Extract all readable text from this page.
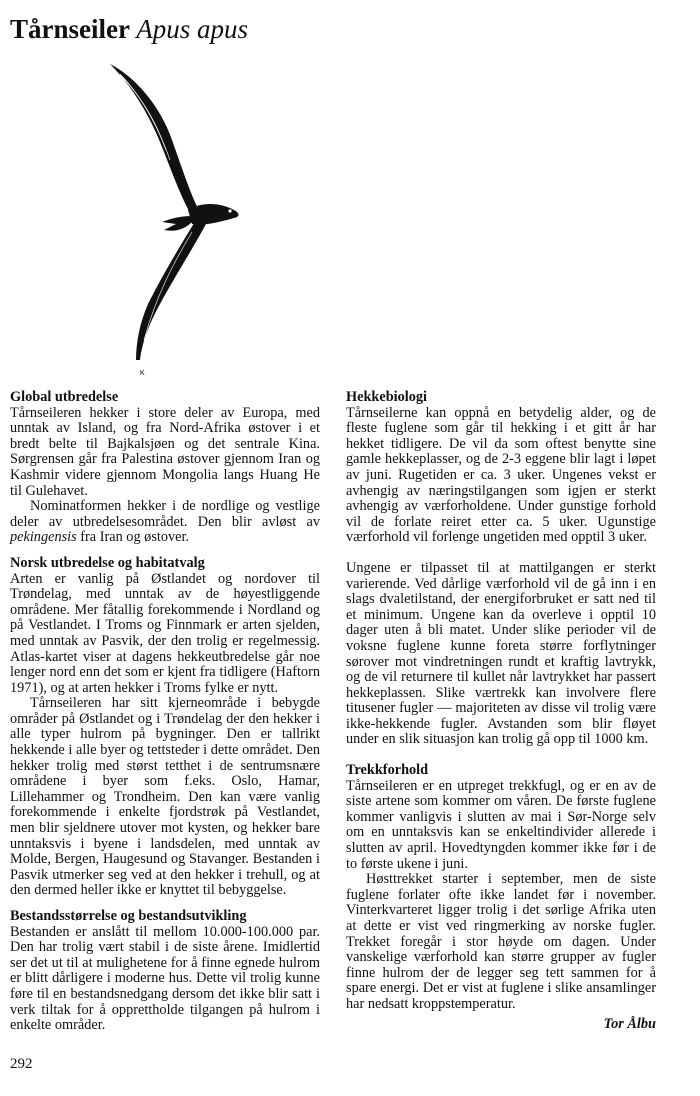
Tårnseiler Apus apus
K
Global utbredelse

Tårnseileren hekker i store deler av Europa, med unntak av Island, og fra Nord-Afrika østover i et bredt belte til Bajkalsjøen og det sentrale Kina. Sørgrensen går fra Palestina østover gjennom Iran og Kashmir videre gjennom Mongolia langs Huang He til Gulehavet.

Nominatformen hekker i de nordlige og vestlige deler av utbredelsesområdet. Den blir avløst av pekingensis fra Iran og østover.

Norsk utbredelse og habitatvalg

Arten er vanlig på Østlandet og nordover til Trøndelag, med unntak av de høyestliggende områdene. Mer fåtallig forekommende i Nordland og på Vestlandet. I Troms og Finnmark er arten sjelden, med unntak av Pasvik, der den trolig er regelmessig. Atlas-kartet viser at dagens hekkeutbredelse går noe lenger nord enn det som er kjent fra tidligere (Haftorn 1971), og at arten hekker i Troms fylke er nytt.

Tårnseileren har sitt kjerneområde i bebygde områder på Østlandet og i Trøndelag der den hekker i alle typer hulrom på bygninger. Den er tallrikt hekkende i alle byer og tettsteder i dette området. Den hekker trolig med størst tetthet i de sentrumsnære områdene i byer som f.eks. Oslo, Hamar, Lillehammer og Trondheim. Den kan være vanlig forekommende i enkelte fjordstrøk på Vestlandet, men blir sjeldnere utover mot kysten, og hekker bare unntaksvis i byene i landsdelen, med unntak av Molde, Bergen, Haugesund og Stavanger. Bestanden i Pasvik utmerker seg ved at den hekker i trehull, og at den dermed heller ikke er knyttet til bebyggelse.

Bestandsstørrelse og bestandsutvikling

Bestanden er anslått til mellom 10.000-100.000 par. Den har trolig vært stabil i de siste årene. Imidlertid ser det ut til at mulighetene for å finne egnede hulrom er blitt dårligere i moderne hus. Dette vil trolig kunne føre til en bestandsnedgang dersom det ikke blir satt i verk tiltak for å opprettholde tilgangen på hulrom i enkelte områder.

Hekkebiologi

Tårnseilerne kan oppnå en betydelig alder, og de fleste fuglene som går til hekking i et gitt år har hekket tidligere. De vil da som oftest benytte sine gamle hekkeplasser, og de 2-3 eggene blir lagt i løpet av juni. Rugetiden er ca. 3 uker. Ungenes vekst er avhengig av næringstilgangen som igjen er sterkt avhengig av værforholdene. Under gunstige forhold vil de forlate reiret etter ca. 5 uker. Ugunstige værforhold vil forlenge ungetiden med opptil 3 uker.

Ungene er tilpasset til at mattilgangen er sterkt varierende. Ved dårlige værforhold vil de gå inn i en slags dvaletilstand, der energiforbruket er satt ned til et minimum. Ungene kan da overleve i opptil 10 dager uten å bli matet. Under slike perioder vil de voksne fuglene kunne foreta større forflytninger sørover mot vindretningen rundt et kraftig lavtrykk, og de vil returnere til kullet når lavtrykket har passert hekkeplassen. Slike værtrekk kan involvere flere titusener fugler — majoriteten av disse vil trolig være ikke-hekkende fugler. Avstanden som blir fløyet under en slik situasjon kan trolig gå opp til 1000 km.

Trekkforhold

Tårnseileren er en utpreget trekkfugl, og er en av de siste artene som kommer om våren. De første fuglene kommer vanligvis i slutten av mai i Sør-Norge selv om en unntaksvis kan se enkeltindivider allerede i slutten av april. Hovedtyngden kommer ikke før i de to første ukene i juni.

Høsttrekket starter i september, men de siste fuglene forlater ofte ikke landet før i november. Vinterkvarteret ligger trolig i det sørlige Afrika uten at dette er vist ved ringmerking av norske fugler. Trekket foregår i stor høyde om dagen. Under vanskelige værforhold kan større grupper av fugler finne hulrom der de legger seg tett sammen for å spare energi. Det er vist at fuglene i slike ansamlinger har nedsatt kroppstemperatur.

Tor Ålbu
292
